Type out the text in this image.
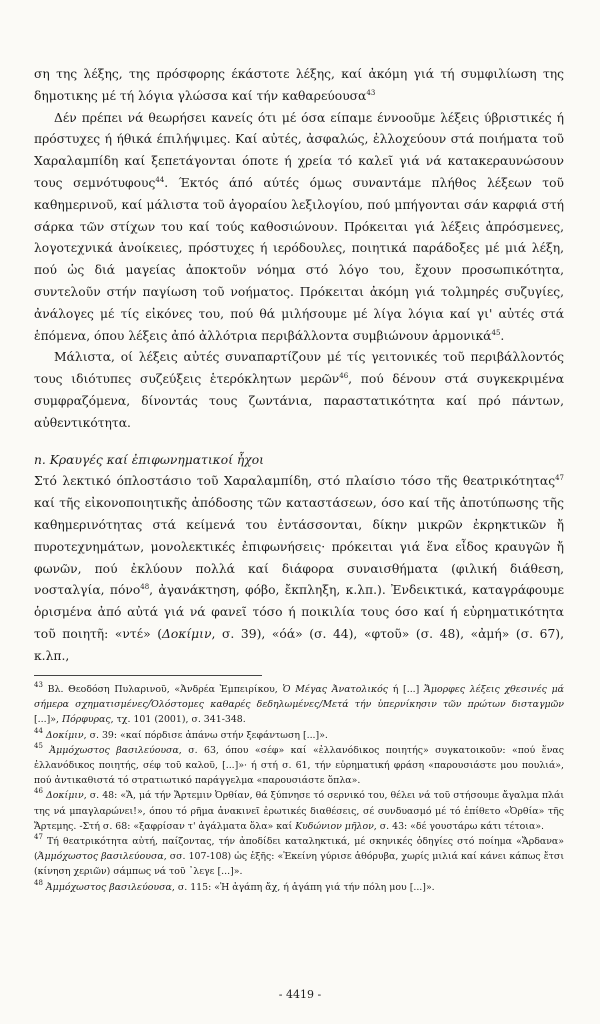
ση της λέξης, της πρόσφορης έκάστοτε λέξης, καί ἀκόμη γιά τή συμφιλίωση της δημοτικης μέ τή λόγια γλώσσα καί τήν καθαρεύουσα$^{43}$

Δέν πρέπει νά θεωρήσει κανείς ότι μέ όσα είπαμε έννοοῦμε λέξεις ύβριστικές ή πρόστυχες ή ήθικά έπιλήψιμες. Καί αὐτές, ἀσφαλώς, ἐλλοχεύουν στά ποιήματα τοῦ Χαραλαμπίδη καί ξεπετάγονται όποτε ή χρεία τό καλεῖ γιά νά κατακεραυνώσουν τους σεμνότυφους$^{44}$. Έκτός άπό αύτές όμως συναντάμε πλήθος λέξεων τοῦ καθημερινοῦ, καί μάλιστα τοῦ ἀγοραίου λεξιλογίου, πού μπήγονται σάν καρφιά στή σάρκα τῶν στίχων του καί τούς καθοσιώνουν. Πρόκειται γιά λέξεις ἀπρόσμενες, λογοτεχνικά ἀνοίκειες, πρόστυχες ή ιερόδουλες, ποιητικά παράδοξες μέ μιά λέξη, πού ὡς διά μαγείας ἀποκτοῦν νόημα στό λόγο του, ἔχουν προσωπικότητα, συντελοῦν στήν παγίωση τοῦ νοήματος. Πρόκειται ἀκόμη γιά τολμηρές συζυγίες, ἀνάλογες μέ τίς εἰκόνες του, πού θά μιλήσουμε μέ λίγα λόγια καί γι' αὐτές στά ἑπόμενα, όπου λέξεις ἀπό ἀλλότρια περιβάλλοντα συμβιώνουν ἁρμονικά$^{45}$.

Μάλιστα, οί λέξεις αὐτές συναπαρτίζουν μέ τίς γειτονικές τοῦ περιβάλλοντός τους ιδιότυπες συζεύξεις ἑτερόκλητων μερῶν$^{46}$, πού δένουν στά συγκεκριμένα συμφραζόμενα, δίνοντάς τους ζωντάνια, παραστατικότητα καί πρό πάντων, αὐθεντικότητα.

n. Κραυγές καί ἐπιφωνηματικοί ἦχοι

Στό λεκτικό όπλοστάσιο τοῦ Χαραλαμπίδη, στό πλαίσιο τόσο τῆς θεατρικότητας$^{47}$ καί τῆς εἰκονοποιητικῆς ἀπόδοσης τῶν καταστάσεων, όσο καί τῆς ἀποτύπωσης τῆς καθημερινότητας στά κείμενά του ἐντάσσονται, δίκην μικρῶν ἐκρηκτικῶν ἤ πυροτεχνημάτων, μονολεκτικές ἐπιφωνήσεις· πρόκειται γιά ἕνα εἶδος κραυγῶν ἤ φωνῶν, πού ἐκλύουν πολλά καί διάφορα συναισθήματα (φιλική διάθεση, νοσταλγία, πόνο$^{48}$, ἀγανάκτηση, φόβο, ἔκπληξη, κ.λπ.). Ἐνδεικτικά, καταγράφουμε ὁρισμένα ἀπό αὐτά γιά νά φανεῖ τόσο ή ποικιλία τους όσο καί ή εὐρηματικότητα τοῦ ποιητῆ: «ντέ» (Δοκίμιν, σ. 39), «όά» (σ. 44), «φτοῦ» (σ. 48), «ἀμή» (σ. 67), κ.λπ.,

$^{43}$ Βλ. Θεοδόση Πυλαρινοῦ, «Ἀνδρέα Ἐμπειρίκου, Ὁ Μέγας Ἀνατολικός ή [...] Ἄμορφες λέξεις χθεσινές μά σήμερα σχηματισμένες/Ὁλόστομες καθαρές δεδηλωμένες/Μετά τήν ὑπερνίκησιν τῶν πρώτων δισταγμῶν [...]», Πόρφυρας, τχ. 101 (2001), σ. 341-348.

$^{44}$ Δοκίμιν, σ. 39: «καί πόρδισε ἀπάνω στήν ξεφάντωση [...]».

$^{45}$ Ἀμμόχωστος βασιλεύουσα, σ. 63, όπου «σέφ» καί «ἐλλανόδικος ποιητής» συγκατοικοῦν: «πού ἕνας ἐλλανόδικος ποιητής, σέφ τοῦ καλοῦ, [...]»· ή στή σ. 61, τήν εὐρηματική φράση «παρουσιάστε μου πουλιά», πού ἀντικαθιστά τό στρατιωτικό παράγγελμα «παρουσιάστε ὅπλα».

$^{46}$ Δοκίμιν, σ. 48: «Ἄ, μά τήν Ἄρτεμιν Ὀρθίαν, θά ξύπνησε τό σερνικό του, θέλει νά τοῦ στήσουμε ἄγαλμα πλάι της νά μπαγλαρώνει!», όπου τό ρῆμα ἀνακινεῖ ἐρωτικές διαθέσεις, σέ συνδυασμό μέ τό ἐπίθετο «Ὀρθία» τῆς Ἄρτεμης. -Στή σ. 68: «ξαφρίσαν τ' ἀγάλματα ὅλα» καί Κυδώνιον μῆλον, σ. 43: «δέ γουστάρω κάτι τέτοια».

$^{47}$ Τή θεατρικότητα αὐτή, παίζοντας, τήν ἀποδίδει καταληκτικά, μέ σκηνικές ὁδηγίες στό ποίημα «Ἄρδανα» (Ἀμμόχωστος βασιλεύουσα, σσ. 107-108) ὡς ἑξῆς: «Ἐκείνη γύρισε ἀθόρυβα, χωρίς μιλιά καί κάνει κάπως ἔτσι (κίνηση χεριῶν) σάμπως νά τοῦ ᾽λεγε [...]».

$^{48}$ Ἀμμόχωστος βασιλεύουσα, σ. 115: «Ἡ ἀγάπη ἄχ, ή ἀγάπη γιά τήν πόλη μου [...]».

- 4419 -
